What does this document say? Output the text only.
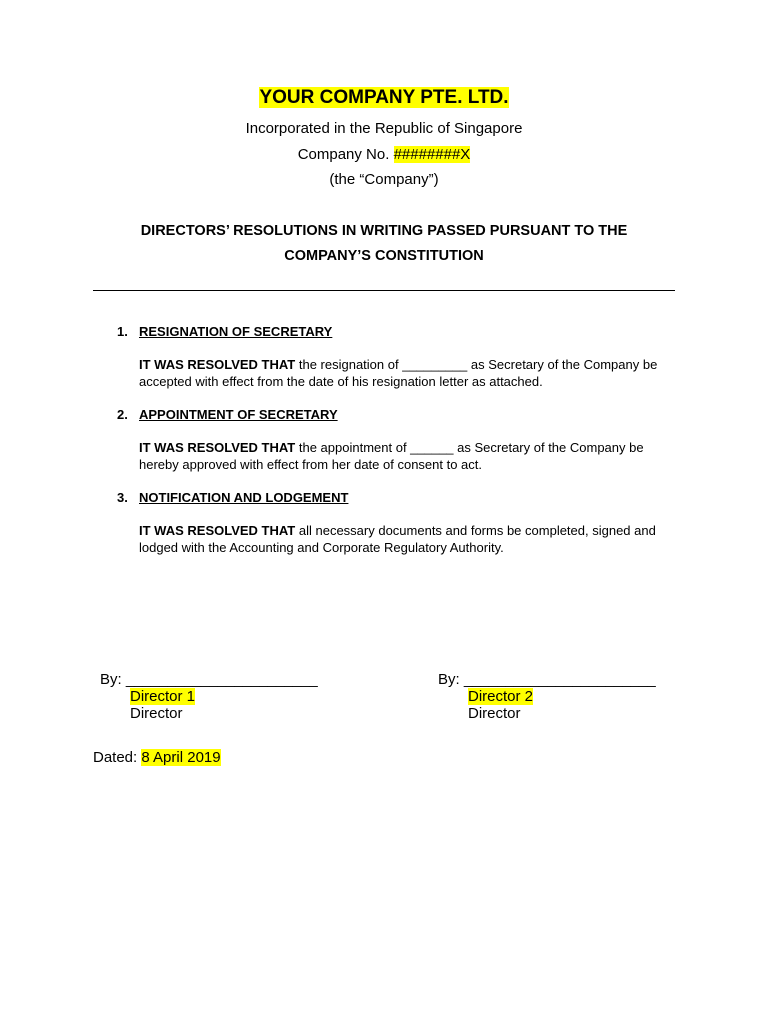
YOUR COMPANY PTE. LTD.
Incorporated in the Republic of Singapore
Company No. ########X
(the “Company”)
DIRECTORS’ RESOLUTIONS IN WRITING PASSED PURSUANT TO THE
COMPANY’S CONSTITUTION
1. RESIGNATION OF SECRETARY
IT WAS RESOLVED THAT the resignation of _________ as Secretary of the Company be accepted with effect from the date of his resignation letter as attached.
2. APPOINTMENT OF SECRETARY
IT WAS RESOLVED THAT the appointment of ______ as Secretary of the Company be hereby approved with effect from her date of consent to act.
3. NOTIFICATION AND LODGEMENT
IT WAS RESOLVED THAT all necessary documents and forms be completed, signed and lodged with the Accounting and Corporate Regulatory Authority.
By: _______________________
Director 1
Director
By: _______________________
Director 2
Director
Dated: 8 April 2019
